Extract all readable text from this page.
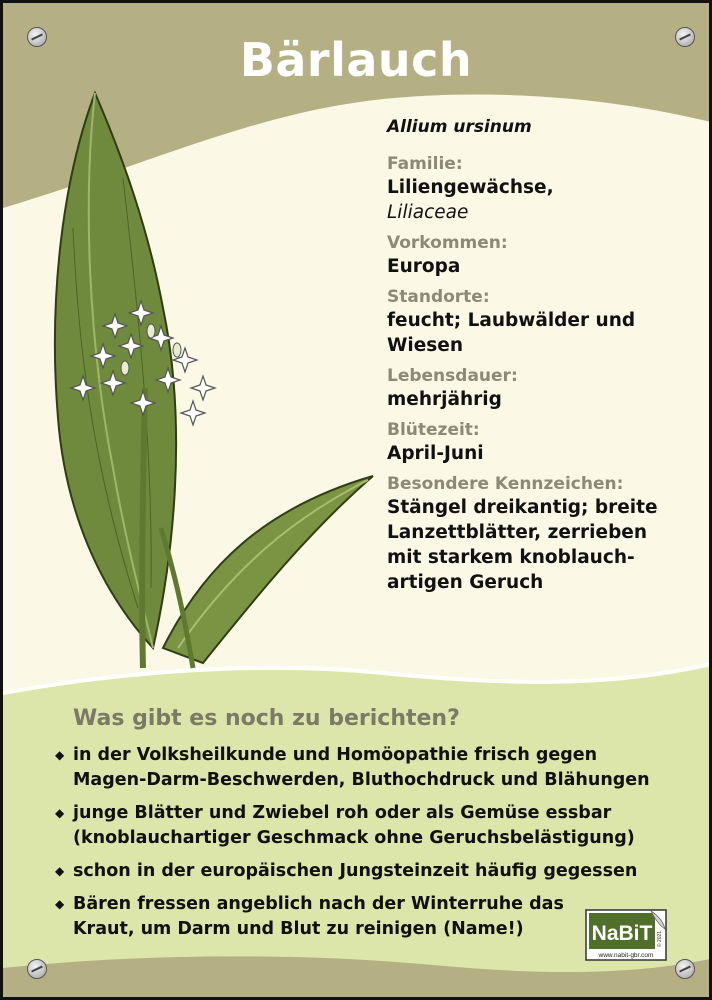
Bärlauch
Allium ursinum
Familie:
Liliengewächse,
Liliaceae
Vorkommen:
Europa
Standorte:
feucht; Laubwälder und
Wiesen
Lebensdauer:
mehrjährig
Blütezeit:
April-Juni
Besondere Kennzeichen:
Stängel dreikantig; breite
Lanzettblätter, zerrieben
mit starkem knoblauch-
artigen Geruch
Was gibt es noch zu berichten?
◆ in der Volksheilkunde und Homöopathie frisch gegen
Magen-Darm-Beschwerden, Bluthochdruck und Blähungen
◆ junge Blätter und Zwiebel roh oder als Gemüse essbar
(knoblauchartiger Geschmack ohne Geruchsbelästigung)
◆ schon in der europäischen Jungsteinzeit häufig gegessen
◆ Bären fressen angeblich nach der Winterruhe das
Kraut, um Darm und Blut zu reinigen (Name!)	NaBiT © 2021
www.nabit-gbr.com
